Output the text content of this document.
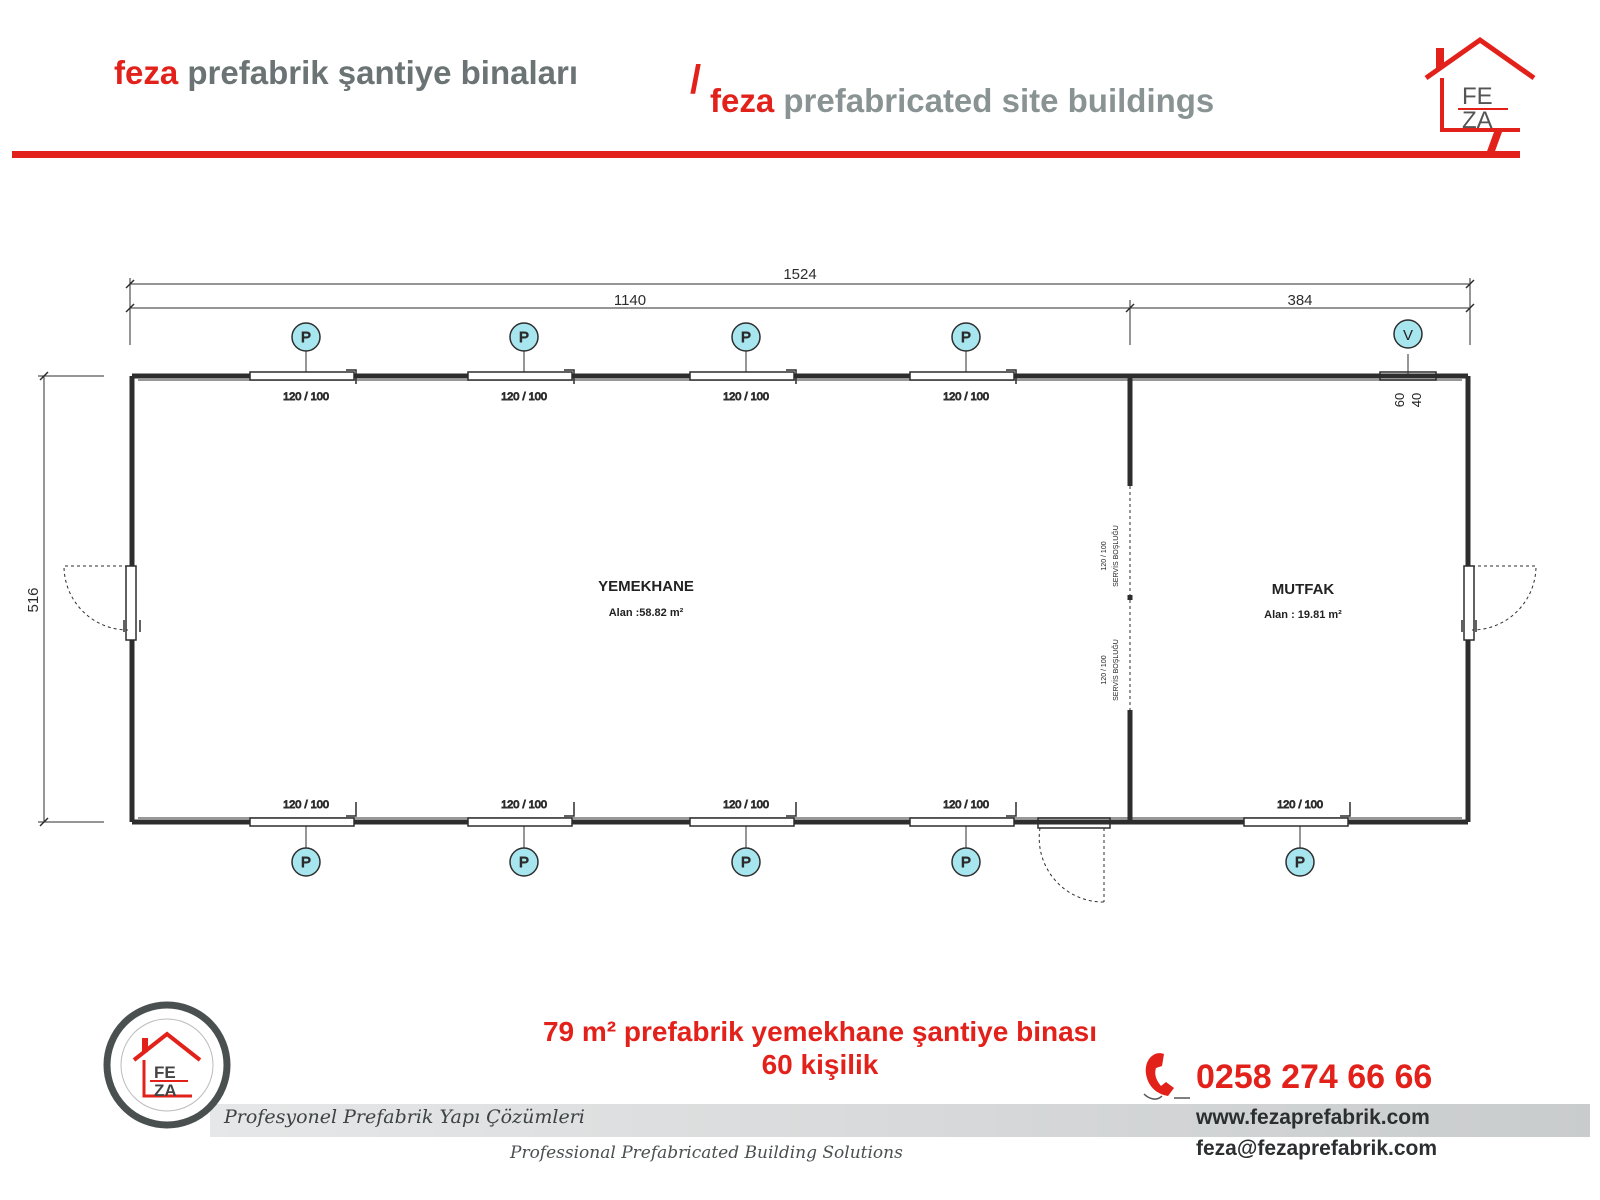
feza prefabrik şantiye binaları	/ feza prefabricated site buildings	FE
ZA
120 / 100
P
120 / 100
P
120 / 100
P
120 / 100
P
120 / 100
P
120 / 100
P
120 / 100
P
120 / 100
P
120 / 100
P
1524
1140	384
516
YEMEKHANE
Alan :58.82 m²
MUTFAK
Alan : 19.81 m²
120 / 100 SERVİS BOŞLUĞU
120 / 100 SERVİS BOŞLUĞU
V
60 40
79 m² prefabrik yemekhane şantiye binası
60 kişilik
Profesyonel Prefabrik Yapı Çözümleri
Professional Prefabricated Building Solutions
FE
ZA	0258 274 66 66
www.fezaprefabrik.com
feza@fezaprefabrik.com
